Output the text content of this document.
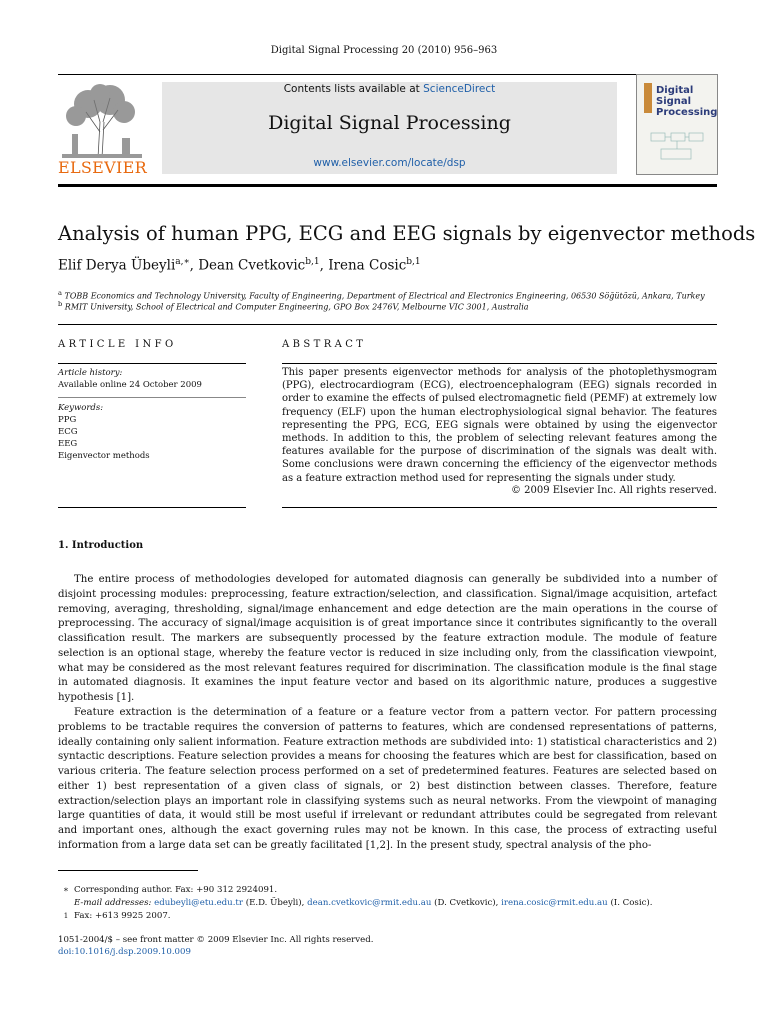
Digital Signal Processing 20 (2010) 956–963
ELSEVIER
Contents lists available at ScienceDirect
Digital Signal Processing
www.elsevier.com/locate/dsp
Digital
Signal
Processing
Analysis of human PPG, ECG and EEG signals by eigenvector methods
Elif Derya Übeyli$^{a,∗}$, Dean Cvetkovic$^{b,1}$, Irena Cosic$^{b,1}$
$^a$ TOBB Economics and Technology University, Faculty of Engineering, Department of Electrical and Electronics Engineering, 06530 Söğütözü, Ankara, Turkey
$^b$ RMIT University, School of Electrical and Computer Engineering, GPO Box 2476V, Melbourne VIC 3001, Australia
ARTICLE INFO
Article history:
Available online 24 October 2009
Keywords:
PPG
ECG
EEG
Eigenvector methods
ABSTRACT
This paper presents eigenvector methods for analysis of the photoplethysmogram (PPG), electrocardiogram (ECG), electroencephalogram (EEG) signals recorded in order to examine the effects of pulsed electromagnetic field (PEMF) at extremely low frequency (ELF) upon the human electrophysiological signal behavior. The features representing the PPG, ECG, EEG signals were obtained by using the eigenvector methods. In addition to this, the problem of selecting relevant features among the features available for the purpose of discrimination of the signals was dealt with. Some conclusions were drawn concerning the efficiency of the eigenvector methods as a feature extraction method used for representing the signals under study.
© 2009 Elsevier Inc. All rights reserved.
1. Introduction
The entire process of methodologies developed for automated diagnosis can generally be subdivided into a number of disjoint processing modules: preprocessing, feature extraction/selection, and classification. Signal/image acquisition, artefact removing, averaging, thresholding, signal/image enhancement and edge detection are the main operations in the course of preprocessing. The accuracy of signal/image acquisition is of great importance since it contributes significantly to the overall classification result. The markers are subsequently processed by the feature extraction module. The module of feature selection is an optional stage, whereby the feature vector is reduced in size including only, from the classification viewpoint, what may be considered as the most relevant features required for discrimination. The classification module is the final stage in automated diagnosis. It examines the input feature vector and based on its algorithmic nature, produces a suggestive hypothesis [1].
Feature extraction is the determination of a feature or a feature vector from a pattern vector. For pattern processing problems to be tractable requires the conversion of patterns to features, which are condensed representations of patterns, ideally containing only salient information. Feature extraction methods are subdivided into: 1) statistical characteristics and 2) syntactic descriptions. Feature selection provides a means for choosing the features which are best for classification, based on various criteria. The feature selection process performed on a set of predetermined features. Features are selected based on either 1) best representation of a given class of signals, or 2) best distinction between classes. Therefore, feature extraction/selection plays an important role in classifying systems such as neural networks. From the viewpoint of managing large quantities of data, it would still be most useful if irrelevant or redundant attributes could be segregated from relevant and important ones, although the exact governing rules may not be known. In this case, the process of extracting useful information from a large data set can be greatly facilitated [1,2]. In the present study, spectral analysis of the pho-
∗ Corresponding author. Fax: +90 312 2924091.
E-mail addresses: edubeyli@etu.edu.tr (E.D. Übeyli), dean.cvetkovic@rmit.edu.au (D. Cvetkovic), irena.cosic@rmit.edu.au (I. Cosic).
1 Fax: +613 9925 2007.
1051-2004/$ – see front matter © 2009 Elsevier Inc. All rights reserved.
doi:10.1016/j.dsp.2009.10.009
